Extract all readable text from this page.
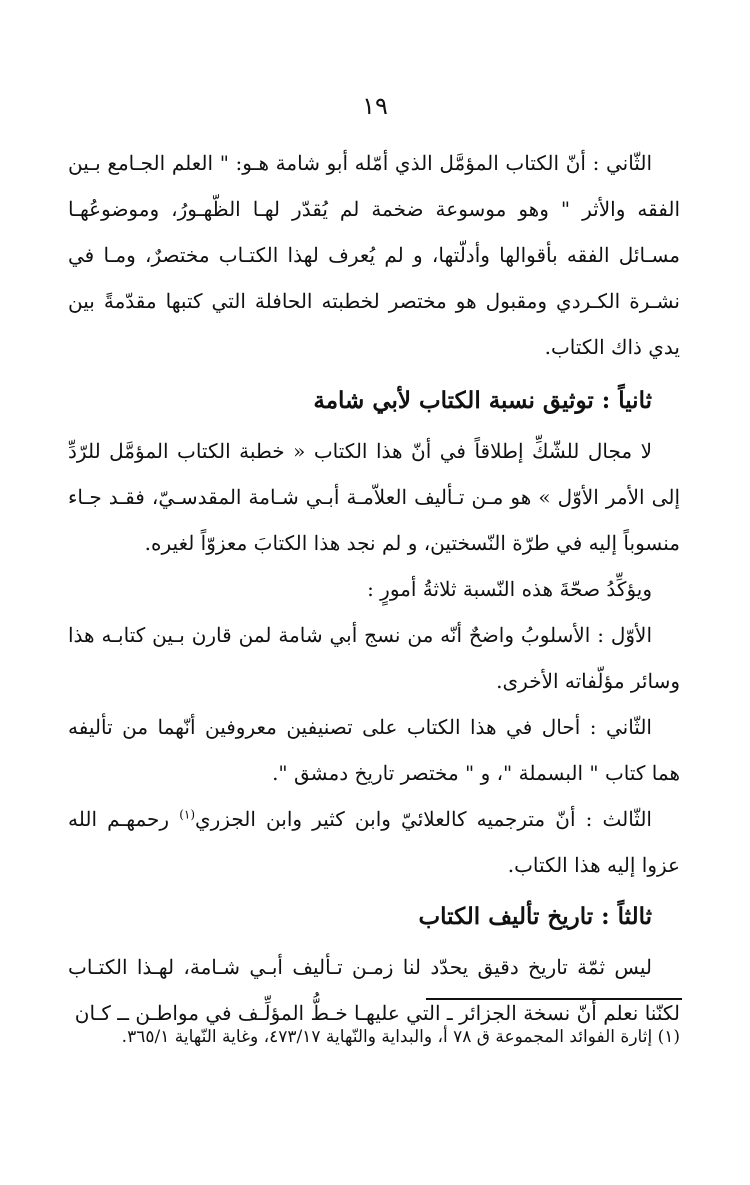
١٩

الثّاني : أنّ الكتاب المؤمَّل الذي أمّله أبو شامة هـو: " العلم الجـامع بـين الفقه والأثر " وهو موسوعة ضخمة لم يُقدّر لهـا الظّهـورُ، وموضوعُهـا مسـائل الفقه بأقوالها وأدلّتها، و لم يُعرف لهذا الكتـاب مختصرٌ، ومـا في نشـرة الكـردي ومقبول هو مختصر لخطبته الحافلة التي كتبها مقدّمةً بين يدي ذاك الكتاب.

ثانياً : توثيق نسبة الكتاب لأبي شامة

لا مجال للشّكِّ إطلاقاً في أنّ هذا الكتاب « خطبة الكتاب المؤمَّل للرّدِّ إلى الأمر الأوّل » هو مـن تـأليف العلاّمـة أبـي شـامة المقدسـيّ، فقـد جـاء منسوباً إليه في طرّة النّسختين، و لم نجد هذا الكتابَ معزوّاً لغيره.

ويؤكِّدُ صحّةَ هذه النّسبة ثلاثةُ أمورٍ :

الأوّل : الأسلوبُ واضحٌ أنّه من نسج أبي شامة لمن قارن بـين كتابـه هذا وسائر مؤلّفاته الأخرى.

الثّاني : أحال في هذا الكتاب على تصنيفين معروفين أنّهما من تأليفه هما كتاب " البسملة "، و " مختصر تاريخ دمشق ".

الثّالث : أنّ مترجميه كالعلائيّ وابن كثير وابن الجزري$^{(١)}$ رحمهـم الله عزوا إليه هذا الكتاب.

ثالثاً : تاريخ تأليف الكتاب

ليس ثمّة تاريخ دقيق يحدّد لنا زمـن تـأليف أبـي شـامة، لهـذا الكتـاب لكنّنا نعلم أنّ نسخة الجزائر ـ التي عليهـا خـطُّ المؤلِّـف في مواطـن ــ كـان

(١) إثارة الفوائد المجموعة ق ٧٨ أ، والبداية والنّهاية ٤٧٣/١٧، وغاية النّهاية ٣٦٥/١.
